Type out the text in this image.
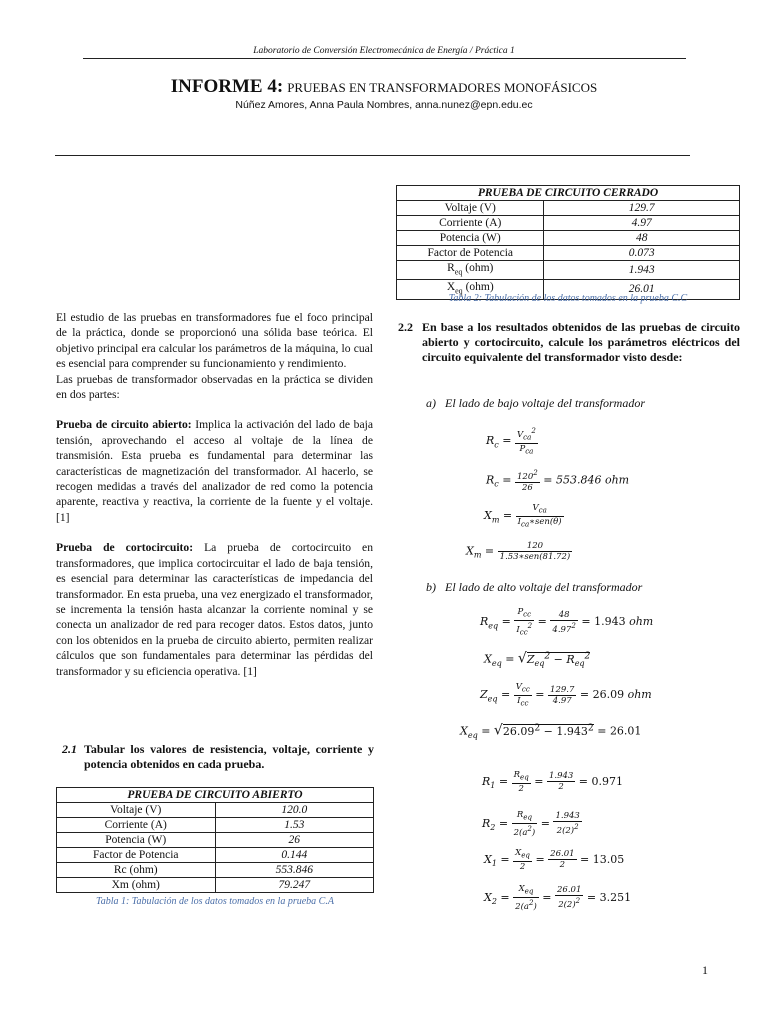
Laboratorio de Conversión Electromecánica de Energía / Práctica 1
INFORME 4: PRUEBAS EN TRANSFORMADORES MONOFÁSICOS
Núñez Amores, Anna Paula Nombres, anna.nunez@epn.edu.ec

El estudio de las pruebas en transformadores fue el foco principal de la práctica, donde se proporcionó una sólida base teórica. El objetivo principal era calcular los parámetros de la máquina, lo cual es esencial para comprender su funcionamiento y rendimiento.

Las pruebas de transformador observadas en la práctica se dividen en dos partes:

Prueba de circuito abierto: Implica la activación del lado de baja tensión, aprovechando el acceso al voltaje de la línea de transmisión. Esta prueba es fundamental para determinar las características de magnetización del transformador. Al hacerlo, se recogen medidas a través del analizador de red como la potencia aparente, reactiva y reactiva, la corriente de la fuente y el voltaje. [1]

Prueba de cortocircuito: La prueba de cortocircuito en transformadores, que implica cortocircuitar el lado de baja tensión, es esencial para determinar las características de impedancia del transformador. En esta prueba, una vez energizado el transformador, se incrementa la tensión hasta alcanzar la corriente nominal y se conecta un analizador de red para recoger datos. Estos datos, junto con los obtenidos en la prueba de circuito abierto, permiten realizar cálculos que son fundamentales para determinar las pérdidas del transformador y su eficiencia operativa. [1]

2.1 Tabular los valores de resistencia, voltaje, corriente y potencia obtenidos en cada prueba.
PRUEBA DE CIRCUITO ABIERTO	
Voltaje (V)	120.0
Corriente (A)	1.53
Potencia (W)	26
Factor de Potencia	0.144
Rc (ohm)	553.846
Xm (ohm)	79.247
Tabla 1: Tabulación de los datos tomados en la prueba C.A
PRUEBA DE CIRCUITO CERRADO	
Voltaje (V)	129.7
Corriente (A)	4.97
Potencia (W)	48
Factor de Potencia	0.073
$R_{eq}$ (ohm)	1.943
$X_{eq}$ (ohm)	26.01
Tabla 2: Tabulación de los datos tomados en la prueba C.C
2.2 En base a los resultados obtenidos de las pruebas de circuito abierto y cortocircuito, calcule los parámetros eléctricos del circuito equivalente del transformador visto desde:
a) El lado de bajo voltaje del transformador
$R_c = \frac{V_{ca}^2}{P_{ca}}$
$R_c = \frac{120^2}{26} = 553.846$ ohm
$X_m = \frac{V_{ca}}{I_{ca}∗sen(\theta)}$
$X_m = \frac{120}{\text{1.53∗sen(81.72)}}$
b) El lado de alto voltaje del transformador
$R_{eq} = \frac{P_{cc}}{I_{cc}^2} = \frac{48}{4.97^2} = 1.943$ ohm
$X_{eq} = √Z_{eq}^2 - R_{eq}^2$
$Z_{eq} = \frac{V_{cc}}{I_{cc}} = \frac{129.7}{4.97} = 26.09$ ohm
$X_{eq} = √26.09^2 - 1.943^2 = 26.01$
$R_1 = \frac{R_{eq}}{2} = \frac{1.943}{2} = 0.971$
$R_2 = \frac{R_{eq}}{2(a^2)} = \frac{1.943}{2(2)^2}$
$X_1 = \frac{X_{eq}}{2} = \frac{26.01}{2} = 13.05$
$X_2 = \frac{X_{eq}}{2(a^2)} = \frac{26.01}{2(2)^2} = 3.251$
1
